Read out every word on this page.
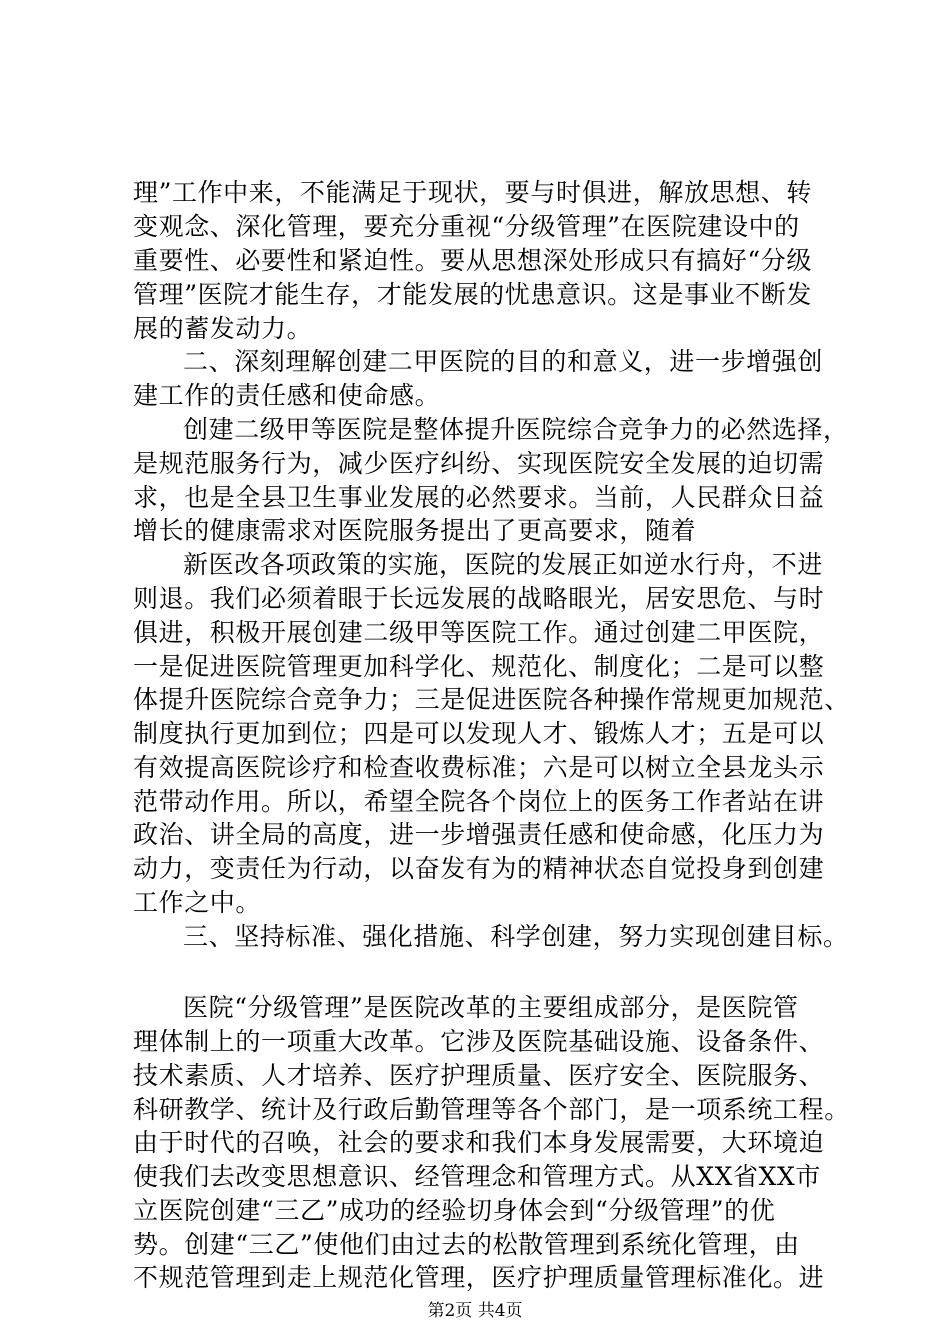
理”工作中来，不能满足于现状，要与时俱进，解放思想、转
变观念、深化管理，要充分重视“分级管理”在医院建设中的
重要性、必要性和紧迫性。要从思想深处形成只有搞好“分级
管理”医院才能生存，才能发展的忧患意识。这是事业不断发
展的蓄发动力。
二、深刻理解创建二甲医院的目的和意义，进一步增强创
建工作的责任感和使命感。
创建二级甲等医院是整体提升医院综合竞争力的必然选择，
是规范服务行为，减少医疗纠纷、实现医院安全发展的迫切需
求，也是全县卫生事业发展的必然要求。当前，人民群众日益
增长的健康需求对医院服务提出了更高要求，随着
新医改各项政策的实施，医院的发展正如逆水行舟，不进
则退。我们必须着眼于长远发展的战略眼光，居安思危、与时
俱进，积极开展创建二级甲等医院工作。通过创建二甲医院，
一是促进医院管理更加科学化、规范化、制度化；二是可以整
体提升医院综合竞争力；三是促进医院各种操作常规更加规范、
制度执行更加到位；四是可以发现人才、锻炼人才；五是可以
有效提高医院诊疗和检查收费标准；六是可以树立全县龙头示
范带动作用。所以，希望全院各个岗位上的医务工作者站在讲
政治、讲全局的高度，进一步增强责任感和使命感，化压力为
动力，变责任为行动，以奋发有为的精神状态自觉投身到创建
工作之中。
三、坚持标准、强化措施、科学创建，努力实现创建目标。
医院“分级管理”是医院改革的主要组成部分，是医院管
理体制上的一项重大改革。它涉及医院基础设施、设备条件、
技术素质、人才培养、医疗护理质量、医疗安全、医院服务、
科研教学、统计及行政后勤管理等各个部门，是一项系统工程。
由于时代的召唤，社会的要求和我们本身发展需要，大环境迫
使我们去改变思想意识、经管理念和管理方式。从XX省XX市
立医院创建“三乙”成功的经验切身体会到“分级管理”的优
势。创建“三乙”使他们由过去的松散管理到系统化管理，由
不规范管理到走上规范化管理，医疗护理质量管理标准化。进
第2页 共4页
